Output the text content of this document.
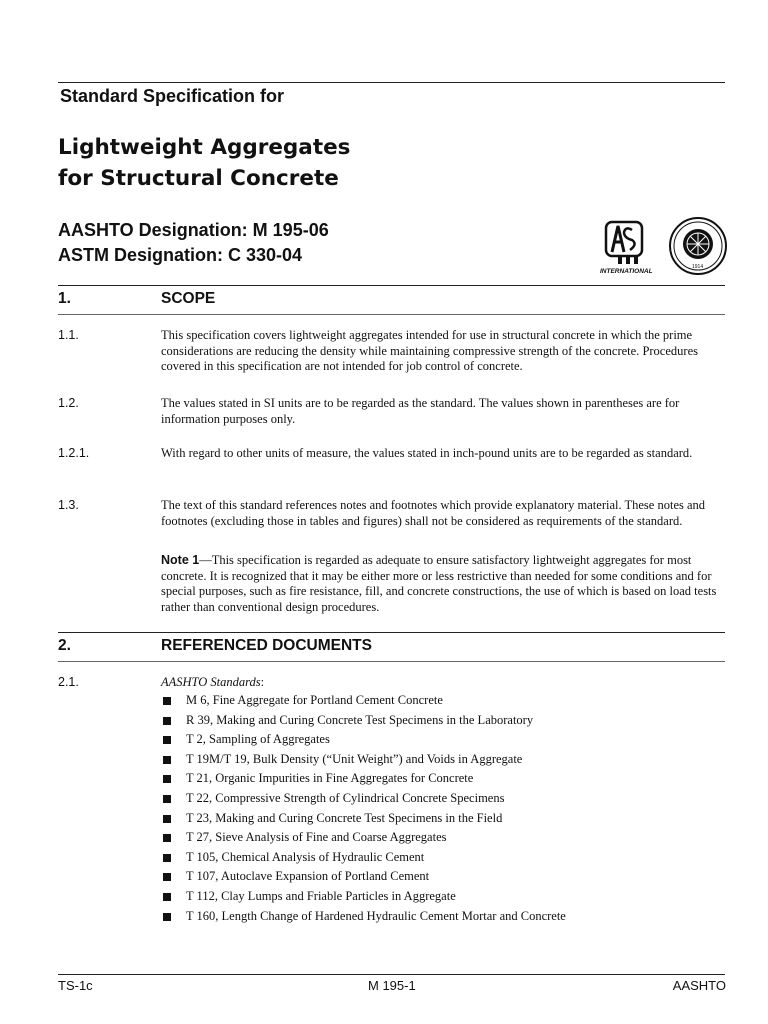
Standard Specification for
Lightweight Aggregates
for Structural Concrete
AASHTO Designation: M 195-06
ASTM Designation: C 330-04
INTERNATIONAL
1914
1.	SCOPE
1.1.	This specification covers lightweight aggregates intended for use in structural concrete in which the prime considerations are reducing the density while maintaining compressive strength of the concrete. Procedures covered in this specification are not intended for job control of concrete.
1.2.	The values stated in SI units are to be regarded as the standard. The values shown in parentheses are for information purposes only.
1.2.1.	With regard to other units of measure, the values stated in inch-pound units are to be regarded as standard.
1.3.	The text of this standard references notes and footnotes which provide explanatory material. These notes and footnotes (excluding those in tables and figures) shall not be considered as requirements of the standard.
Note 1—This specification is regarded as adequate to ensure satisfactory lightweight aggregates for most concrete. It is recognized that it may be either more or less restrictive than needed for some conditions and for special purposes, such as fire resistance, fill, and concrete constructions, the use of which is based on load tests rather than conventional design procedures.
2.	REFERENCED DOCUMENTS
2.1.	AASHTO Standards:
M 6, Fine Aggregate for Portland Cement Concrete
R 39, Making and Curing Concrete Test Specimens in the Laboratory
T 2, Sampling of Aggregates
T 19M/T 19, Bulk Density (“Unit Weight”) and Voids in Aggregate
T 21, Organic Impurities in Fine Aggregates for Concrete
T 22, Compressive Strength of Cylindrical Concrete Specimens
T 23, Making and Curing Concrete Test Specimens in the Field
T 27, Sieve Analysis of Fine and Coarse Aggregates
T 105, Chemical Analysis of Hydraulic Cement
T 107, Autoclave Expansion of Portland Cement
T 112, Clay Lumps and Friable Particles in Aggregate
T 160, Length Change of Hardened Hydraulic Cement Mortar and Concrete
TS-1c	M 195-1	AASHTO
